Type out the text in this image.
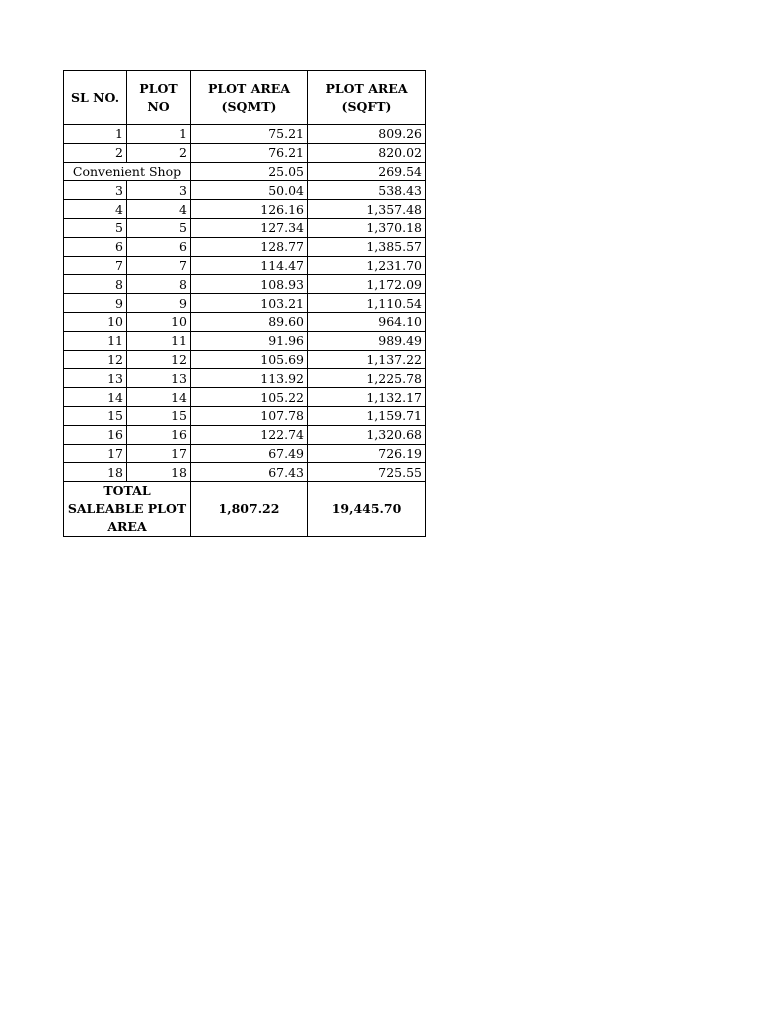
SL NO.	PLOT NO	PLOT AREA (SQMT)	PLOT AREA (SQFT)
1	1	75.21	809.26
2	2	76.21	820.02
Convenient Shop		25.05	269.54
3	3	50.04	538.43
4	4	126.16	1,357.48
5	5	127.34	1,370.18
6	6	128.77	1,385.57
7	7	114.47	1,231.70
8	8	108.93	1,172.09
9	9	103.21	1,110.54
10	10	89.60	964.10
11	11	91.96	989.49
12	12	105.69	1,137.22
13	13	113.92	1,225.78
14	14	105.22	1,132.17
15	15	107.78	1,159.71
16	16	122.74	1,320.68
17	17	67.49	726.19
18	18	67.43	725.55
TOTAL SALEABLE PLOT AREA		1,807.22	19,445.70
